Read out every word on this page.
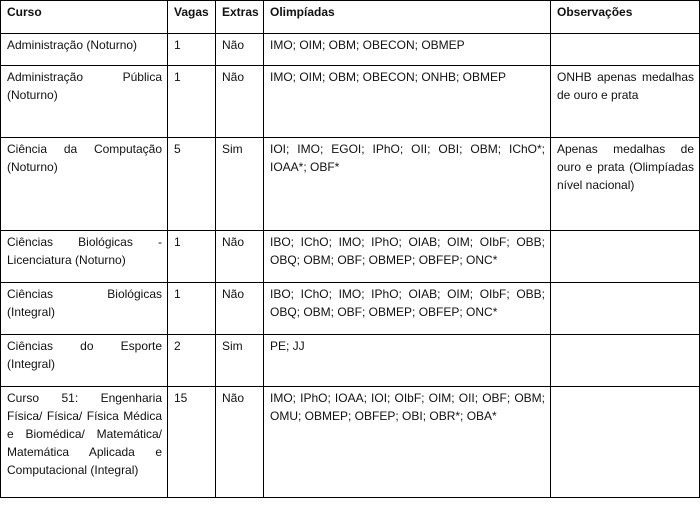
Curso	Vagas	Extras	Olimpíadas	Observações
Administração (Noturno)	1	Não	IMO; OIM; OBM; OBECON; OBMEP	
Administração Pública (Noturno)	1	Não	IMO; OIM; OBM; OBECON; ONHB; OBMEP	ONHB apenas medalhas de ouro e prata
Ciência da Computação (Noturno)	5	Sim	IOI; IMO; EGOI; IPhO; OII; OBI; OBM; IChO*; IOAA*; OBF*	Apenas medalhas de ouro e prata (Olimpíadas nível nacional)
Ciências Biológicas - Licenciatura (Noturno)	1	Não	IBO; IChO; IMO; IPhO; OIAB; OIM; OIbF; OBB; OBQ; OBM; OBF; OBMEP; OBFEP; ONC*	
Ciências Biológicas (Integral)	1	Não	IBO; IChO; IMO; IPhO; OIAB; OIM; OIbF; OBB; OBQ; OBM; OBF; OBMEP; OBFEP; ONC*	
Ciências do Esporte (Integral)	2	Sim	PE; JJ	
Curso 51: Engenharia Física/ Física/ Física Médica e Biomédica/ Matemática/ Matemática Aplicada e Computacional (Integral)	15	Não	IMO; IPhO; IOAA; IOI; OIbF; OIM; OII; OBF; OBM; OMU; OBMEP; OBFEP; OBI; OBR*; OBA*	
